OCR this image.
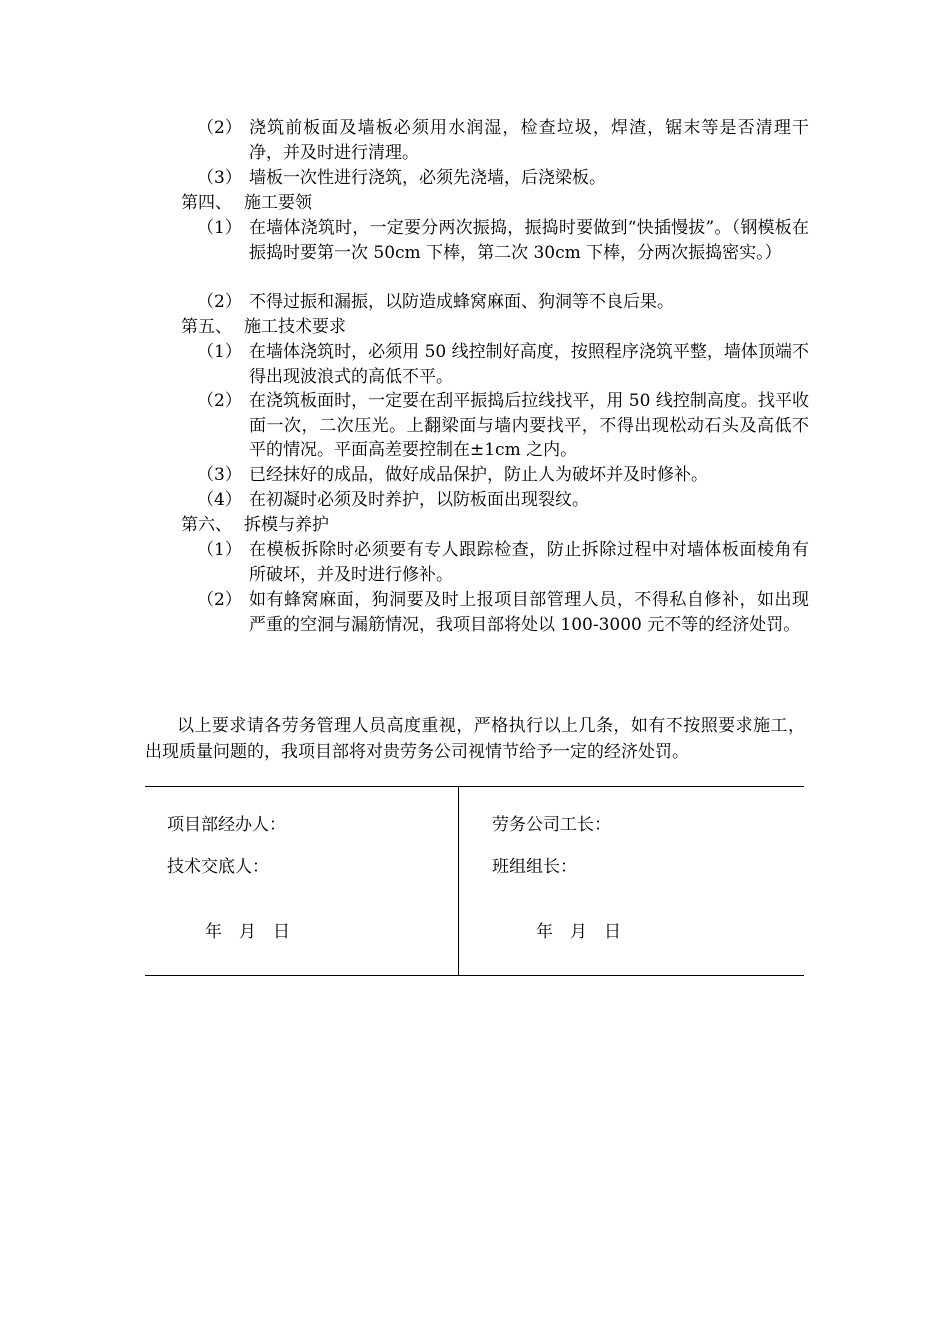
（2） 浇筑前板面及墙板必须用水润湿，检查垃圾，焊渣，锯末等是否清理干净，并及时进行清理。
（3） 墙板一次性进行浇筑，必须先浇墙，后浇梁板。
第四、 施工要领
（1） 在墙体浇筑时，一定要分两次振捣，振捣时要做到“快插慢拔”。（钢模板在振捣时要第一次 50cm 下棒，第二次 30cm 下棒，分两次振捣密实。）
（2） 不得过振和漏振，以防造成蜂窝麻面、狗洞等不良后果。
第五、 施工技术要求
（1） 在墙体浇筑时，必须用 50 线控制好高度，按照程序浇筑平整，墙体顶端不得出现波浪式的高低不平。
（2） 在浇筑板面时，一定要在刮平振捣后拉线找平，用 50 线控制高度。找平收面一次，二次压光。上翻梁面与墙内要找平，不得出现松动石头及高低不平的情况。平面高差要控制在±1cm 之内。
（3） 已经抹好的成品，做好成品保护，防止人为破坏并及时修补。
（4） 在初凝时必须及时养护，以防板面出现裂纹。
第六、 拆模与养护
（1） 在模板拆除时必须要有专人跟踪检查，防止拆除过程中对墙体板面棱角有所破坏，并及时进行修补。
（2） 如有蜂窝麻面，狗洞要及时上报项目部管理人员，不得私自修补，如出现严重的空洞与漏筋情况，我项目部将处以 100-3000 元不等的经济处罚。
以上要求请各劳务管理人员高度重视，严格执行以上几条，如有不按照要求施工，出现质量问题的，我项目部将对贵劳务公司视情节给予一定的经济处罚。
项目部经办人：
技术交底人：
年　月　日
劳务公司工长：
班组组长：
年　月　日
